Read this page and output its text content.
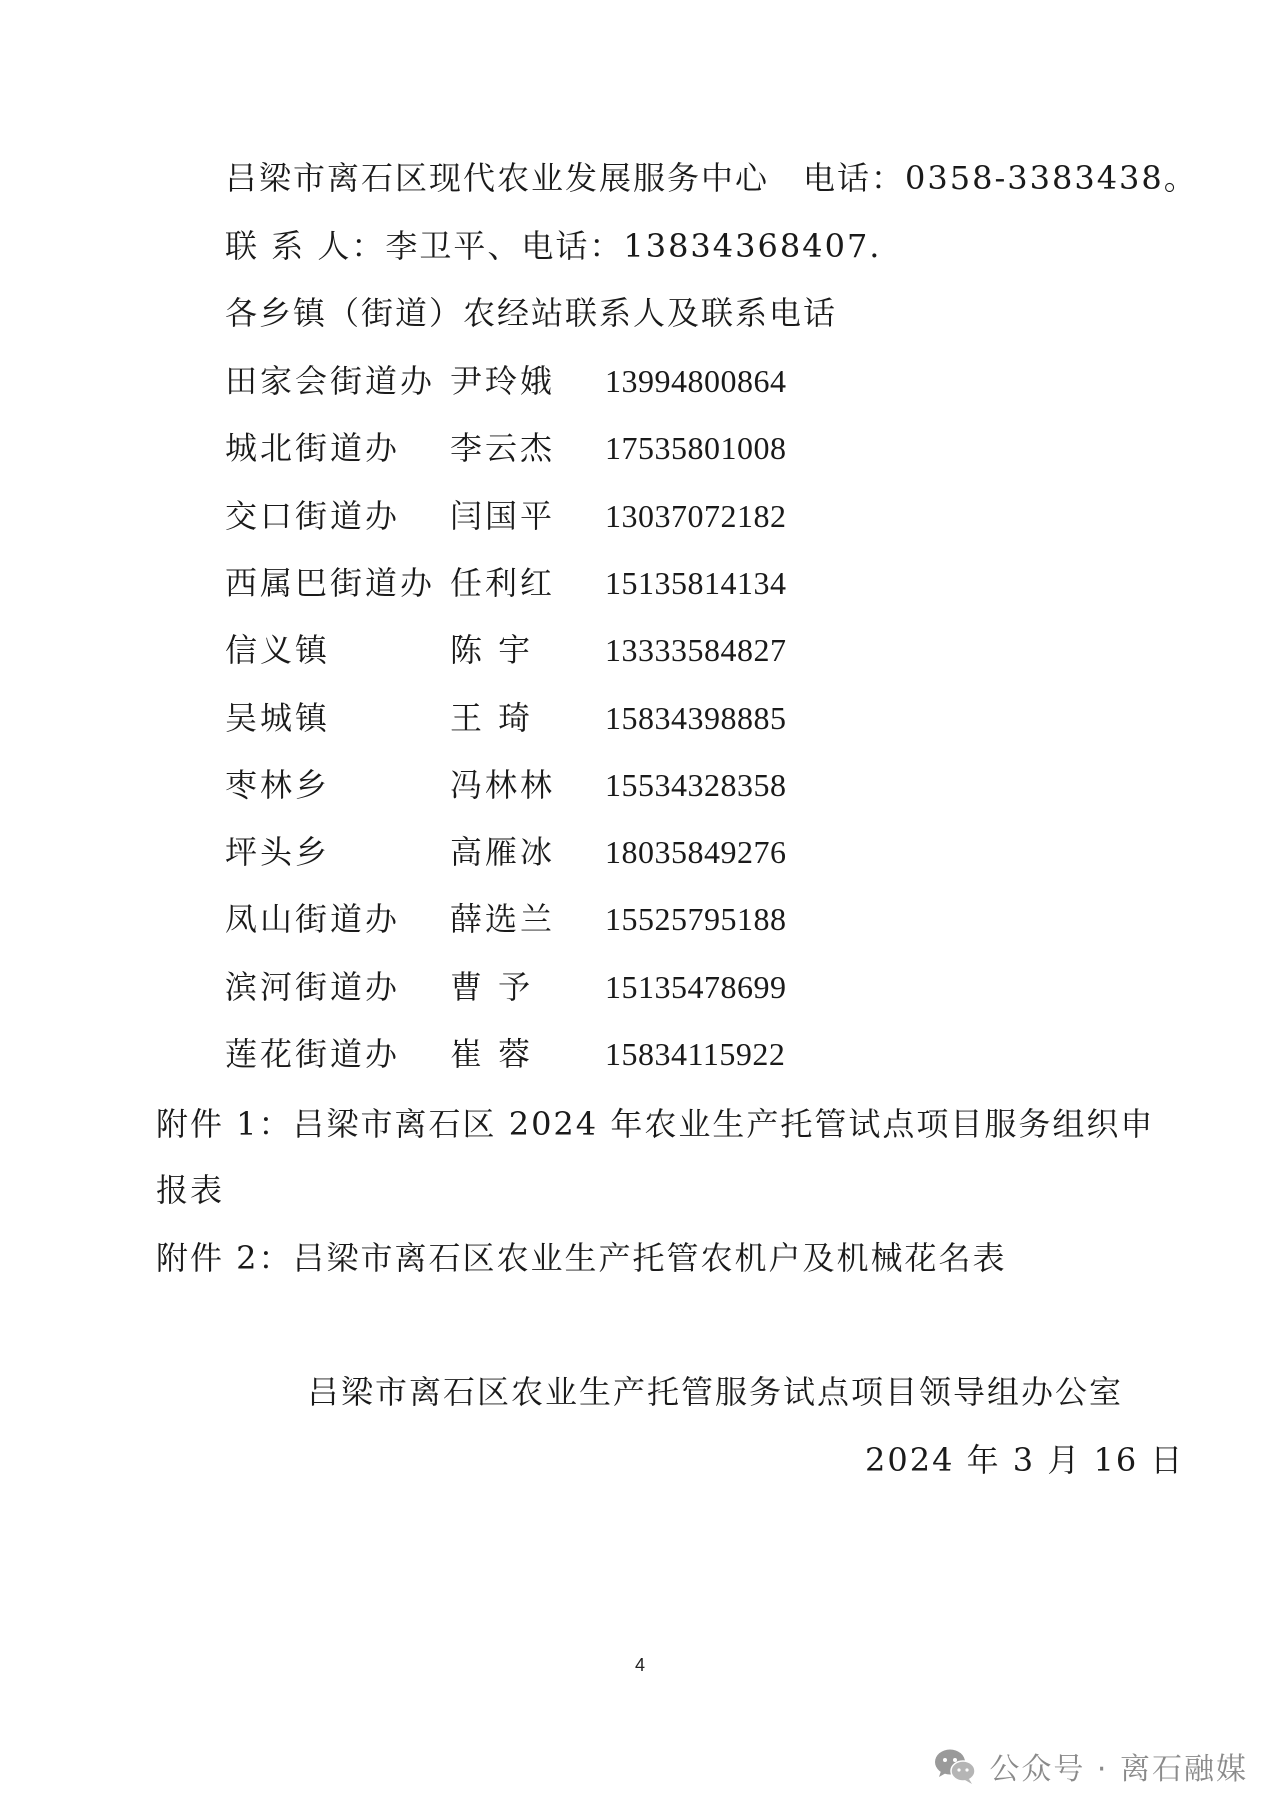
吕梁市离石区现代农业发展服务中心　电话：0358-3383438。
联 系 人：李卫平、电话：13834368407.
各乡镇（街道）农经站联系人及联系电话
田家会街道办 尹玲娥 13994800864
城北街道办 李云杰 17535801008
交口街道办 闫国平 13037072182
西属巴街道办 任利红 15135814134
信义镇	陈 宇 13333584827
吴城镇	王 琦 15834398885
枣林乡	冯林林 15534328358
坪头乡	高雁冰 18035849276
凤山街道办 薛选兰 15525795188
滨河街道办 曹 予 15135478699
莲花街道办 崔 蓉 15834115922
附件 1：吕梁市离石区 2024 年农业生产托管试点项目服务组织申
报表
附件 2：吕梁市离石区农业生产托管农机户及机械花名表
吕梁市离石区农业生产托管服务试点项目领导组办公室
2024 年 3 月 16 日
4
公众号 · 离石融媒
